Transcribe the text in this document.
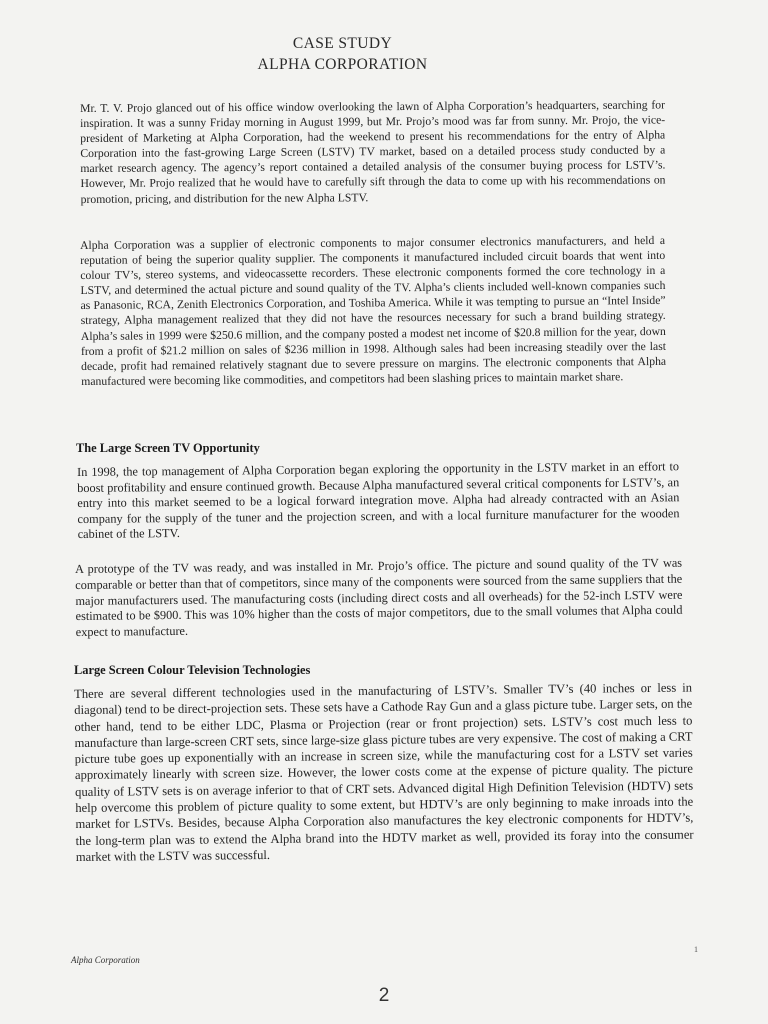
CASE STUDY
ALPHA CORPORATION

Mr. T. V. Projo glanced out of his office window overlooking the lawn of Alpha Corporation’s headquarters, searching for inspiration. It was a sunny Friday morning in August 1999, but Mr. Projo’s mood was far from sunny. Mr. Projo, the vice-president of Marketing at Alpha Corporation, had the weekend to present his recommendations for the entry of Alpha Corporation into the fast-growing Large Screen (LSTV) TV market, based on a detailed process study conducted by a market research agency. The agency’s report contained a detailed analysis of the consumer buying process for LSTV’s. However, Mr. Projo realized that he would have to carefully sift through the data to come up with his recommendations on promotion, pricing, and distribution for the new Alpha LSTV.

Alpha Corporation was a supplier of electronic components to major consumer electronics manufacturers, and held a reputation of being the superior quality supplier. The components it manufactured included circuit boards that went into colour TV’s, stereo systems, and videocassette recorders. These electronic components formed the core technology in a LSTV, and determined the actual picture and sound quality of the TV. Alpha’s clients included well-known companies such as Panasonic, RCA, Zenith Electronics Corporation, and Toshiba America. While it was tempting to pursue an “Intel Inside” strategy, Alpha management realized that they did not have the resources necessary for such a brand building strategy. Alpha’s sales in 1999 were $250.6 million, and the company posted a modest net income of $20.8 million for the year, down from a profit of $21.2 million on sales of $236 million in 1998. Although sales had been increasing steadily over the last decade, profit had remained relatively stagnant due to severe pressure on margins. The electronic components that Alpha manufactured were becoming like commodities, and competitors had been slashing prices to maintain market share.

The Large Screen TV Opportunity

In 1998, the top management of Alpha Corporation began exploring the opportunity in the LSTV market in an effort to boost profitability and ensure continued growth. Because Alpha manufactured several critical components for LSTV’s, an entry into this market seemed to be a logical forward integration move. Alpha had already contracted with an Asian company for the supply of the tuner and the projection screen, and with a local furniture manufacturer for the wooden cabinet of the LSTV.

A prototype of the TV was ready, and was installed in Mr. Projo’s office. The picture and sound quality of the TV was comparable or better than that of competitors, since many of the components were sourced from the same suppliers that the major manufacturers used. The manufacturing costs (including direct costs and all overheads) for the 52-inch LSTV were estimated to be $900. This was 10% higher than the costs of major competitors, due to the small volumes that Alpha could expect to manufacture.

Large Screen Colour Television Technologies

There are several different technologies used in the manufacturing of LSTV’s. Smaller TV’s (40 inches or less in diagonal) tend to be direct-projection sets. These sets have a Cathode Ray Gun and a glass picture tube. Larger sets, on the other hand, tend to be either LDC, Plasma or Projection (rear or front projection) sets. LSTV’s cost much less to manufacture than large-screen CRT sets, since large-size glass picture tubes are very expensive. The cost of making a CRT picture tube goes up exponentially with an increase in screen size, while the manufacturing cost for a LSTV set varies approximately linearly with screen size. However, the lower costs come at the expense of picture quality. The picture quality of LSTV sets is on average inferior to that of CRT sets. Advanced digital High Definition Television (HDTV) sets help overcome this problem of picture quality to some extent, but HDTV’s are only beginning to make inroads into the market for LSTVs. Besides, because Alpha Corporation also manufactures the key electronic components for HDTV’s, the long-term plan was to extend the Alpha brand into the HDTV market as well, provided its foray into the consumer market with the LSTV was successful.

Alpha Corporation
1
2
